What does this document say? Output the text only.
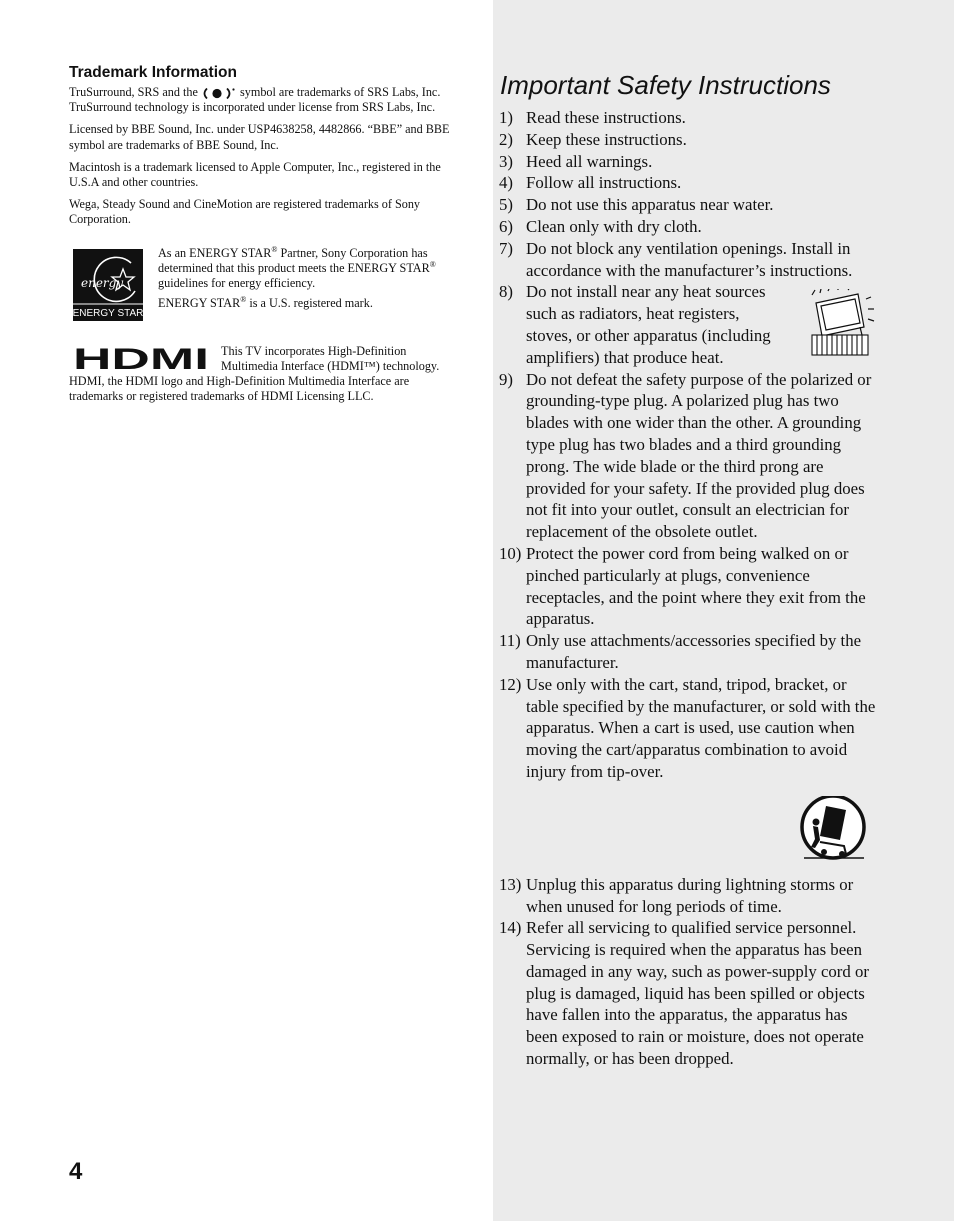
Trademark Information

TruSurround, SRS and the	symbol are trademarks of SRS Labs, Inc. TruSurround technology is incorporated under license from SRS Labs, Inc.

Licensed by BBE Sound, Inc. under USP4638258, 4482866. “BBE” and BBE symbol are trademarks of BBE Sound, Inc.

Macintosh is a trademark licensed to Apple Computer, Inc., registered in the U.S.A and other countries.

Wega, Steady Sound and CineMotion are registered trademarks of Sony Corporation.

energy
ENERGY STAR

As an ENERGY STAR® Partner, Sony Corporation has determined that this product meets the ENERGY STAR® guidelines for energy efficiency.

ENERGY STAR® is a U.S. registered mark.

HDMI This TV incorporates High-Definition Multimedia Interface (HDMI™) technology. HDMI, the HDMI logo and High-Definition Multimedia Interface are trademarks or registered trademarks of HDMI Licensing LLC.
4
Important Safety Instructions
1) Read these instructions.
2) Keep these instructions.
3) Heed all warnings.
4) Follow all instructions.
5) Do not use this apparatus near water.
6) Clean only with dry cloth.
7) Do not block any ventilation openings. Install in accordance with the manufacturer’s instructions.
8) Do not install near any heat sources such as radiators, heat registers, stoves, or other apparatus (including amplifiers) that produce heat.
9) Do not defeat the safety purpose of the polarized or grounding-type plug. A polarized plug has two blades with one wider than the other. A grounding type plug has two blades and a third grounding prong. The wide blade or the third prong are provided for your safety. If the provided plug does not fit into your outlet, consult an electrician for replacement of the obsolete outlet.
10) Protect the power cord from being walked on or pinched particularly at plugs, convenience receptacles, and the point where they exit from the apparatus.
11) Only use attachments/accessories specified by the manufacturer.
12) Use only with the cart, stand, tripod, bracket, or table specified by the manufacturer, or sold with the apparatus. When a cart is used, use caution when moving the cart/apparatus combination to avoid injury from tip-over.
13) Unplug this apparatus during lightning storms or when unused for long periods of time.
14) Refer all servicing to qualified service personnel. Servicing is required when the apparatus has been damaged in any way, such as power-supply cord or plug is damaged, liquid has been spilled or objects have fallen into the apparatus, the apparatus has been exposed to rain or moisture, does not operate normally, or has been dropped.
